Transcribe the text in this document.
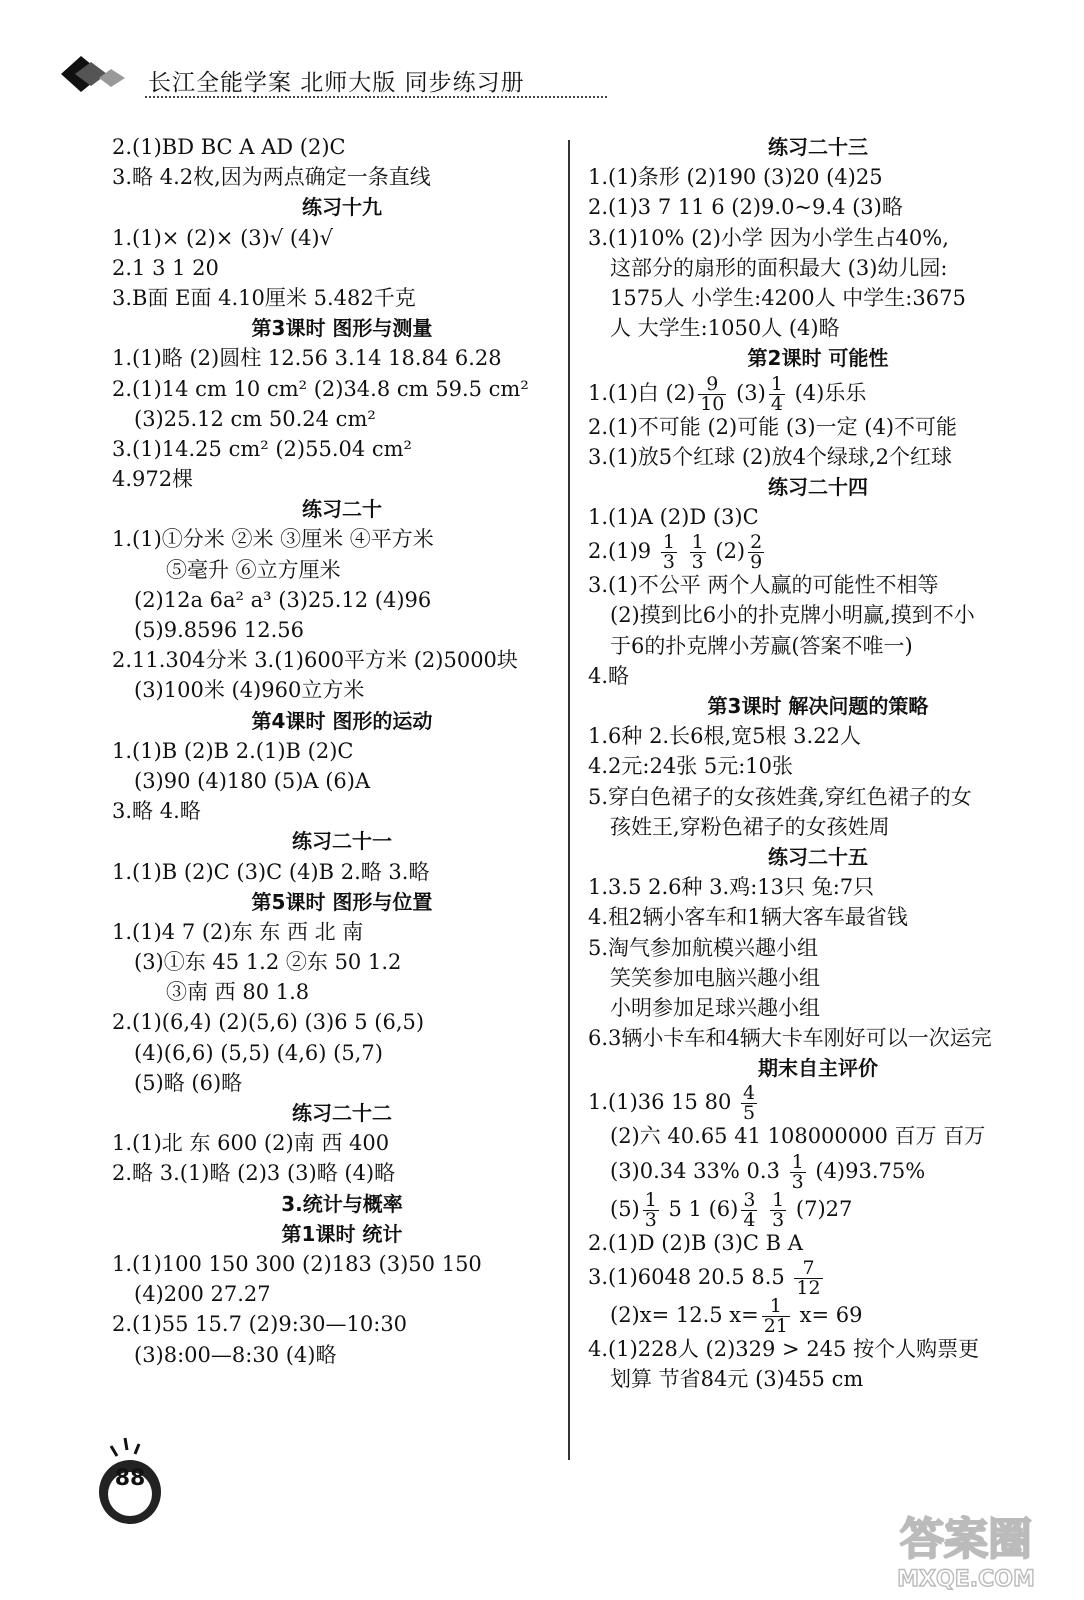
长江全能学案 北师大版 同步练习册
2.(1)BD BC A AD (2)C
3.略 4.2枚,因为两点确定一条直线
练习十九
1.(1)× (2)× (3)√ (4)√
2.1 3 1 20
3.B面 E面 4.10厘米 5.482千克
第3课时 图形与测量
1.(1)略 (2)圆柱 12.56 3.14 18.84 6.28
2.(1)14 cm 10 cm² (2)34.8 cm 59.5 cm²
(3)25.12 cm 50.24 cm²
3.(1)14.25 cm² (2)55.04 cm²
4.972棵
练习二十
1.(1)①分米 ②米 ③厘米 ④平方米
⑤毫升 ⑥立方厘米
(2)12a 6a² a³ (3)25.12 (4)96
(5)9.8596 12.56
2.11.304分米 3.(1)600平方米 (2)5000块
(3)100米 (4)960立方米
第4课时 图形的运动
1.(1)B (2)B 2.(1)B (2)C
(3)90 (4)180 (5)A (6)A
3.略 4.略
练习二十一
1.(1)B (2)C (3)C (4)B 2.略 3.略
第5课时 图形与位置
1.(1)4 7 (2)东 东 西 北 南
(3)①东 45 1.2 ②东 50 1.2
③南 西 80 1.8
2.(1)(6,4) (2)(5,6) (3)6 5 (6,5)
(4)(6,6) (5,5) (4,6) (5,7)
(5)略 (6)略
练习二十二
1.(1)北 东 600 (2)南 西 400
2.略 3.(1)略 (2)3 (3)略 (4)略
3.统计与概率
第1课时 统计
1.(1)100 150 300 (2)183 (3)50 150
(4)200 27.27
2.(1)55 15.7 (2)9:30—10:30
(3)8:00—8:30 (4)略
练习二十三
1.(1)条形 (2)190 (3)20 (4)25
2.(1)3 7 11 6 (2)9.0~9.4 (3)略
3.(1)10% (2)小学 因为小学生占40%,
这部分的扇形的面积最大 (3)幼儿园:
1575人 小学生:4200人 中学生:3675
人 大学生:1050人 (4)略
第2课时 可能性
1.(1)白 $(2) \frac{9}{10} (3) \frac{1}{4} (4)$乐乐
2.(1)不可能 (2)可能 (3)一定 (4)不可能
3.(1)放5个红球 (2)放4个绿球,2个红球
练习二十四
1.(1)A (2)D (3)C
$2.(1)9 \frac{1}{3}$
$\frac{1}{3} (2) \frac{2}{9}$
3.(1)不公平 两个人赢的可能性不相等
(2)摸到比6小的扑克牌小明赢,摸到不小
于6的扑克牌小芳赢(答案不唯一)
4.略
第3课时 解决问题的策略
1.6种 2.长6根,宽5根 3.22人
4.2元:24张 5元:10张
5.穿白色裙子的女孩姓龚,穿红色裙子的女
孩姓王,穿粉色裙子的女孩姓周
练习二十五
1.3.5 2.6种 3.鸡:13只 兔:7只
4.租2辆小客车和1辆大客车最省钱
5.淘气参加航模兴趣小组
笑笑参加电脑兴趣小组
小明参加足球兴趣小组
6.3辆小卡车和4辆大卡车刚好可以一次运完
期末自主评价
1.(1)36 15 $80 \frac{4}{5}$
(2)六 40.65 41 108000000 百万 百万
(3)0.34 33% 0.3̇ $\frac{1}{3} (4)93.75\%$
$(5) \frac{1}{3} 5$ 1 $(6) \frac{3}{4}$
$\frac{1}{3} (7)27$
2.(1)D (2)B (3)C B A
3.(1)6048 20.5 $8.5 \frac{7}{12}$
(2)x= 12.5 $x= \frac{1}{21} x= 69$
4.(1)228人 (2)329 > 245 按个人购票更
划算 节省84元 (3)455 cm
88
答案圈
MXQE.COM
